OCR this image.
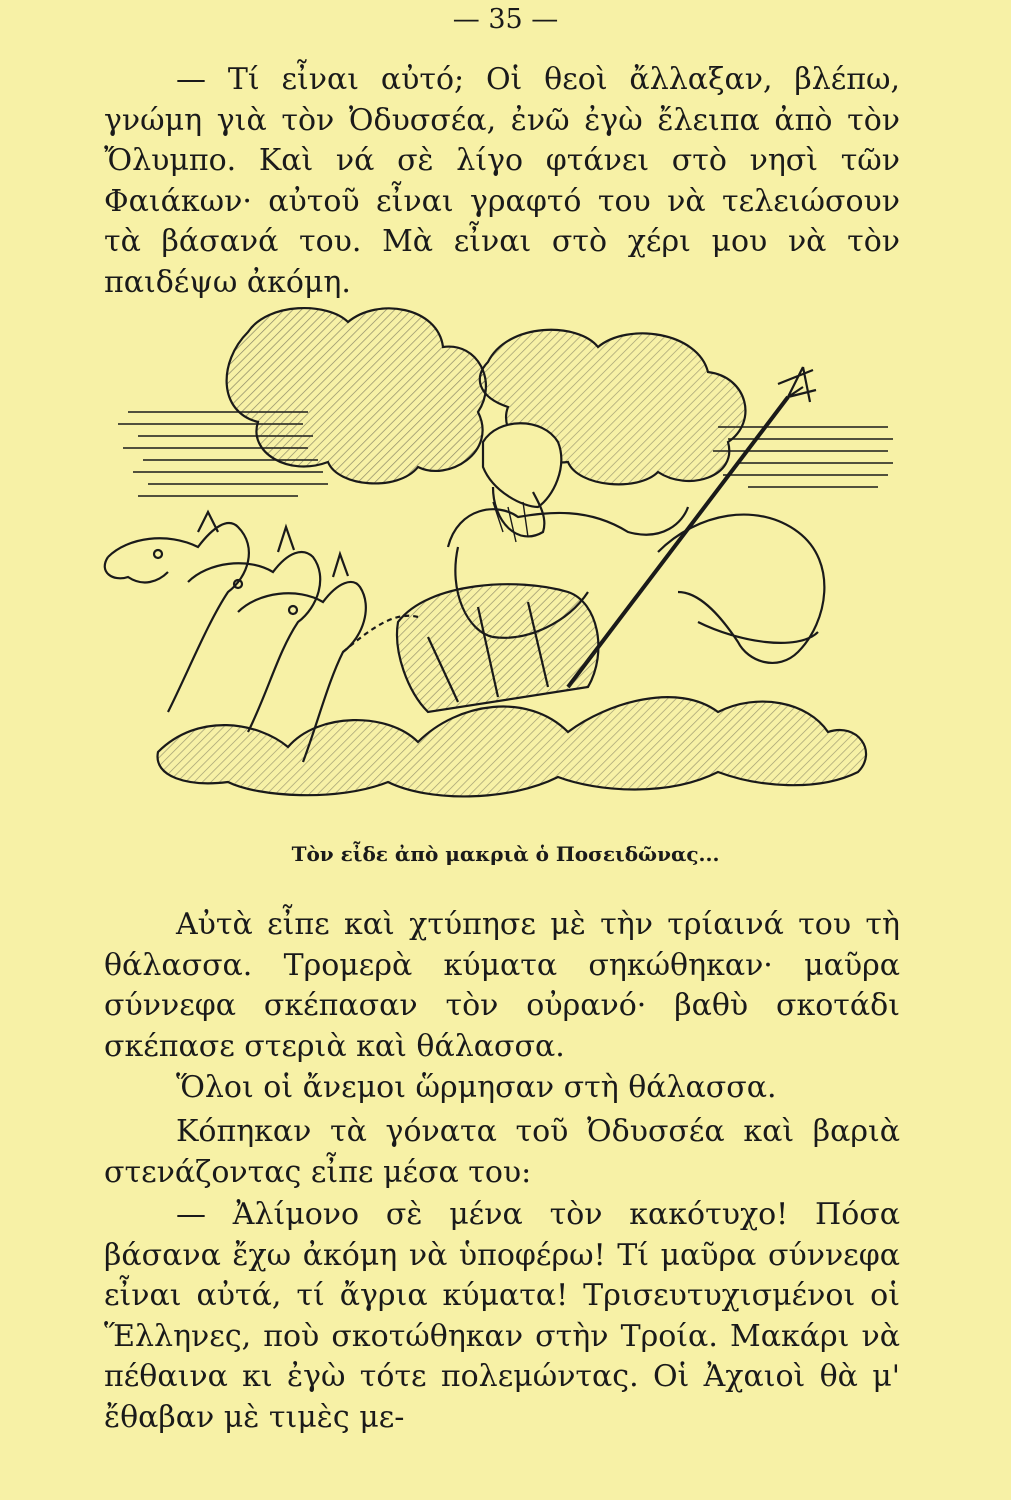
— 35 —

— Τί εἶναι αὐτό; Οἱ θεοὶ ἄλλαξαν, βλέπω, γνώμη γιὰ τὸν Ὀδυσσέα, ἐνῶ ἐγὼ ἔλειπα ἀπὸ τὸν Ὄλυμπο. Καὶ νά σὲ λίγο φτάνει στὸ νησὶ τῶν Φαιάκων· αὐτοῦ εἶναι γραφτό του νὰ τελειώσουν τὰ βάσανά του. Μὰ εἶναι στὸ χέρι μου νὰ τὸν παιδέψω ἀκόμη.

Τὸν εἶδε ἀπὸ μακριὰ ὁ Ποσειδῶνας...

Αὐτὰ εἶπε καὶ χτύπησε μὲ τὴν τρίαινά του τὴ θάλασσα. Τρομερὰ κύματα σηκώθηκαν· μαῦρα σύννεφα σκέπασαν τὸν οὐρανό· βαθὺ σκοτάδι σκέπασε στεριὰ καὶ θάλασσα.

Ὅλοι οἱ ἄνεμοι ὥρμησαν στὴ θάλασσα.

Κόπηκαν τὰ γόνατα τοῦ Ὀδυσσέα καὶ βαριὰ στενάζοντας εἶπε μέσα του:

— Ἀλίμονο σὲ μένα τὸν κακότυχο! Πόσα βάσανα ἔχω ἀκόμη νὰ ὑποφέρω! Τί μαῦρα σύννεφα εἶναι αὐτά, τί ἄγρια κύματα! Τρισευτυχισμένοι οἱ Ἕλληνες, ποὺ σκοτώθηκαν στὴν Τροία. Μακάρι νὰ πέθαινα κι ἐγὼ τότε πολεμώντας. Οἱ Ἀχαιοὶ θὰ μ' ἔθαβαν μὲ τιμὲς με-
